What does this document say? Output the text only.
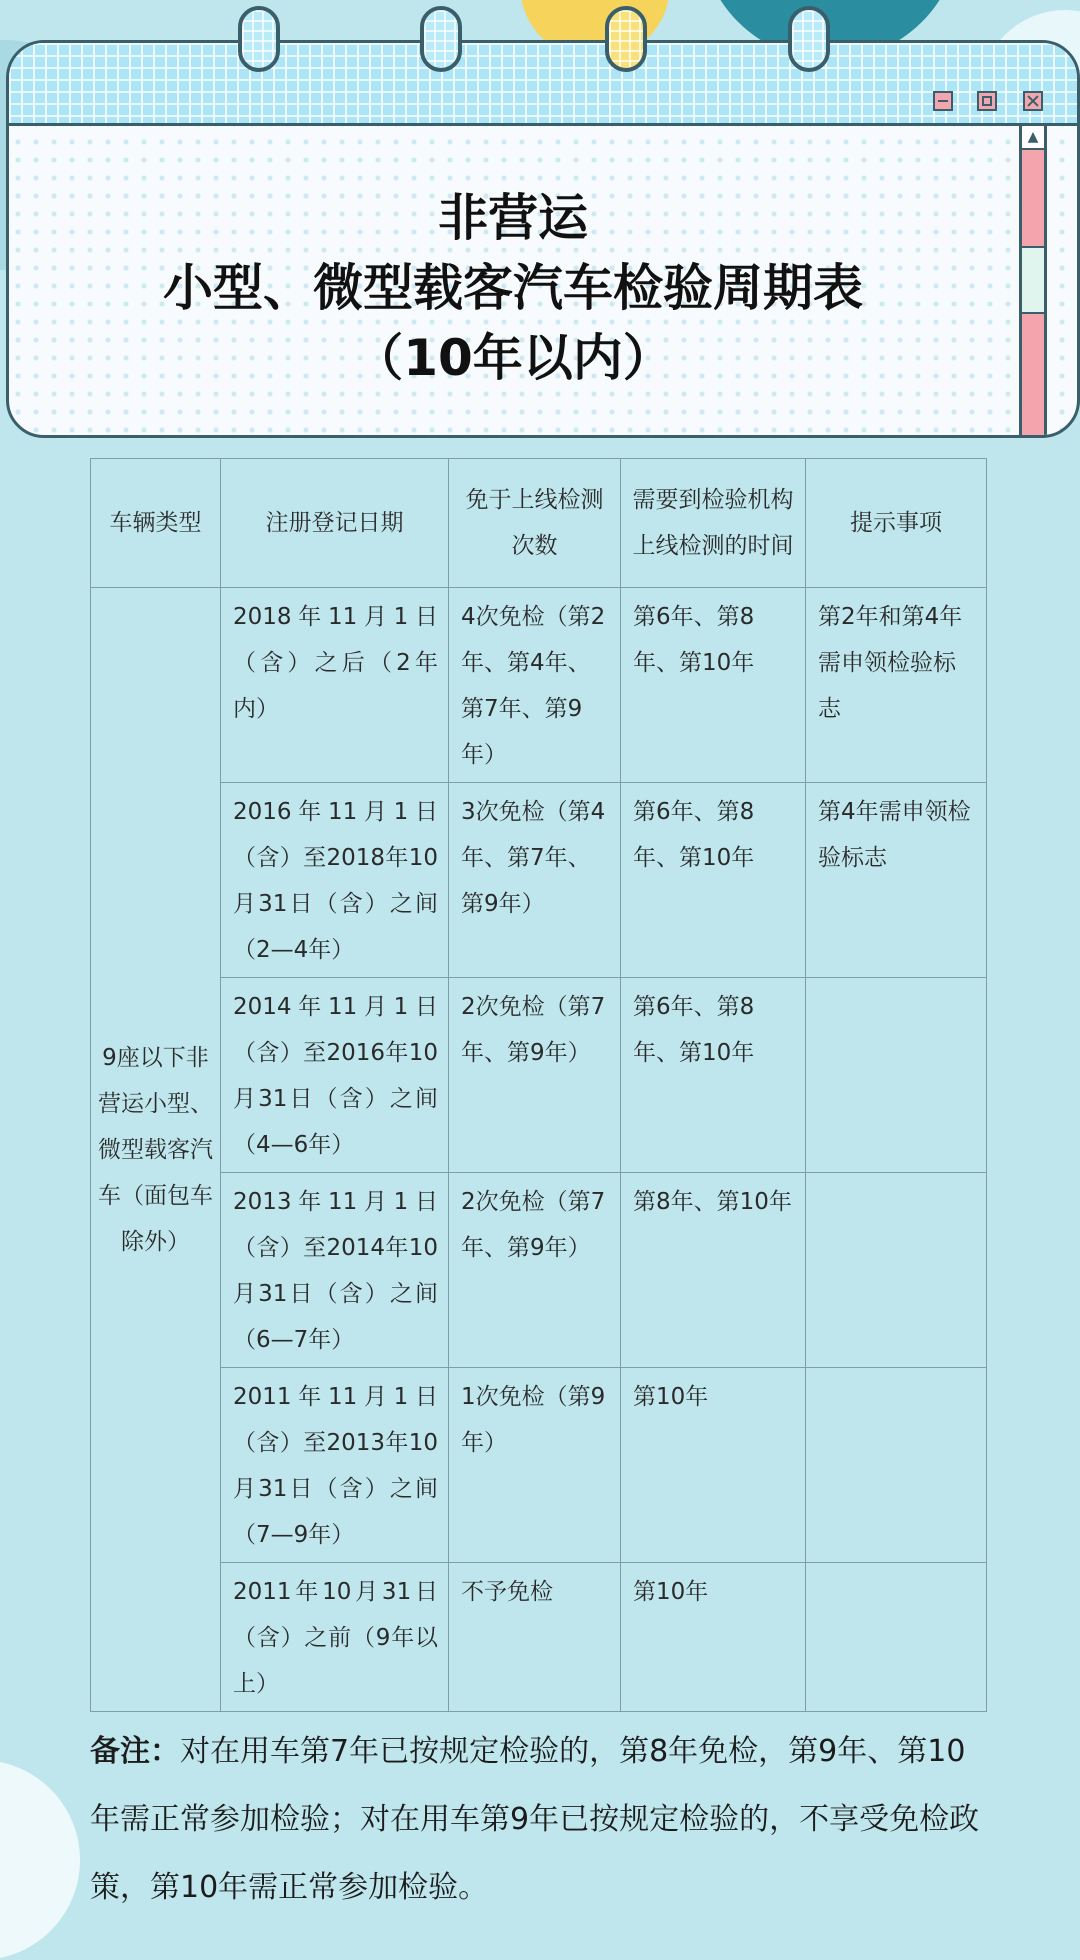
▲
非营运
小型、微型载客汽车检验周期表
（10年以内）
车辆类型	注册登记日期	免于上线检测次数	需要到检验机构上线检测的时间	提示事项
9座以下非营运小型、微型载客汽车（面包车除外）	2018年11月1日（含）之后（2年内）	4次免检（第2年、第4年、第7年、第9年）	第6年、第8年、第10年	第2年和第4年需申领检验标志
	2016年11月1日（含）至2018年10月31日（含）之间（2—4年）	3次免检（第4年、第7年、第9年）	第6年、第8年、第10年	第4年需申领检验标志
	2014年11月1日（含）至2016年10月31日（含）之间（4—6年）	2次免检（第7年、第9年）	第6年、第8年、第10年	
	2013年11月1日（含）至2014年10月31日（含）之间（6—7年）	2次免检（第7年、第9年）	第8年、第10年	
	2011年11月1日（含）至2013年10月31日（含）之间（7—9年）	1次免检（第9年）	第10年	
	2011年10月31日（含）之前（9年以上）	不予免检	第10年	
备注：对在用车第7年已按规定检验的，第8年免检，第9年、第10年需正常参加检验；对在用车第9年已按规定检验的，不享受免检政策，第10年需正常参加检验。
